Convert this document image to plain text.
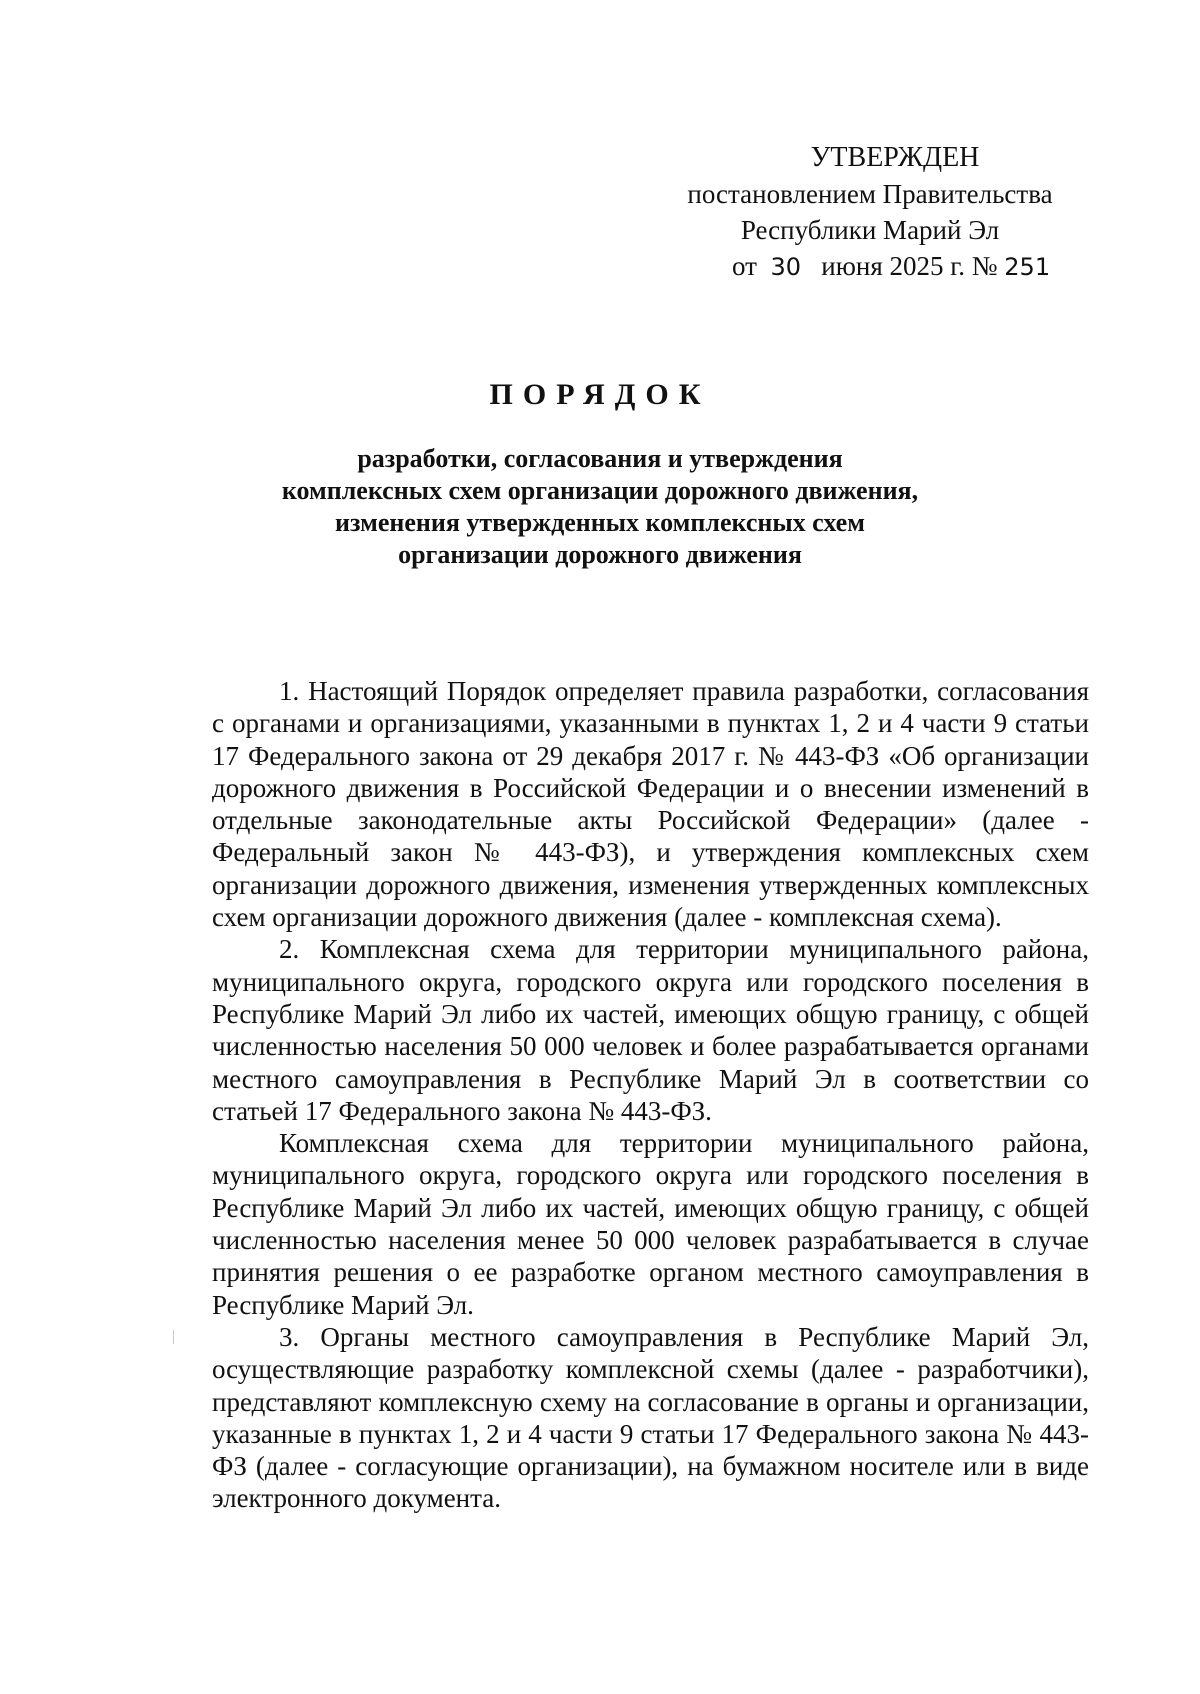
УТВЕРЖДЕН
постановлением Правительства
Республики Марий Эл
от 30 июня 2025 г. № 251
ПОРЯДОК
разработки, согласования и утверждения
комплексных схем организации дорожного движения,
изменения утвержденных комплексных схем
организации дорожного движения

1. Настоящий Порядок определяет правила разработки, согласования с органами и организациями, указанными в пунктах 1, 2 и 4 части 9 статьи 17 Федерального закона от 29 декабря 2017 г. № 443-ФЗ «Об организации дорожного движения в Российской Федерации и о внесении изменений в отдельные законодательные акты Российской Федерации» (далее - Федеральный закон № 443-ФЗ), и утверждения комплексных схем организации дорожного движения, изменения утвержденных комплексных схем организации дорожного движения (далее - комплексная схема).

2. Комплексная схема для территории муниципального района, муниципального округа, городского округа или городского поселения в Республике Марий Эл либо их частей, имеющих общую границу, с общей численностью населения 50 000 человек и более разрабатывается органами местного самоуправления в Республике Марий Эл в соответствии со статьей 17 Федерального закона № 443-ФЗ.

Комплексная схема для территории муниципального района, муниципального округа, городского округа или городского поселения в Республике Марий Эл либо их частей, имеющих общую границу, с общей численностью населения менее 50 000 человек разрабатывается в случае принятия решения о ее разработке органом местного самоуправления в Республике Марий Эл.

3. Органы местного самоуправления в Республике Марий Эл, осуществляющие разработку комплексной схемы (далее - разработчики), представляют комплексную схему на согласование в органы и организации, указанные в пунктах 1, 2 и 4 части 9 статьи 17 Федерального закона № 443-ФЗ (далее - согласующие организации), на бумажном носителе или в виде электронного документа.
